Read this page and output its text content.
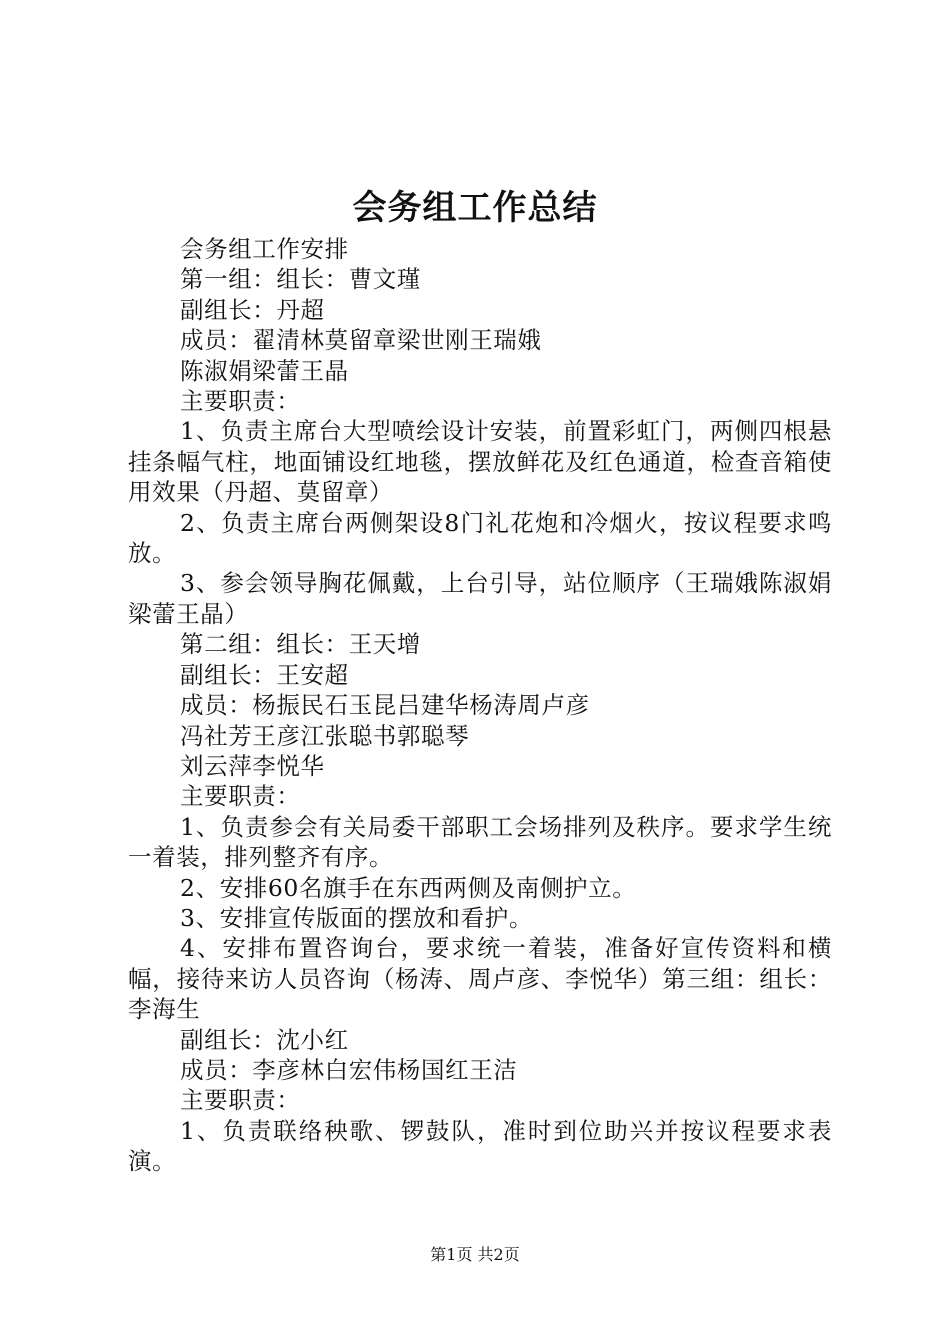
会务组工作总结

会务组工作安排

第一组：组长：曹文瑾

副组长：丹超

成员：翟清林莫留章梁世刚王瑞娥

陈淑娟梁蕾王晶

主要职责：

1、负责主席台大型喷绘设计安装，前置彩虹门，两侧四根悬挂条幅气柱，地面铺设红地毯，摆放鲜花及红色通道，检查音箱使用效果（丹超、莫留章）

2、负责主席台两侧架设8门礼花炮和冷烟火，按议程要求鸣放。

3、参会领导胸花佩戴，上台引导，站位顺序（王瑞娥陈淑娟梁蕾王晶）

第二组：组长：王天增

副组长：王安超

成员：杨振民石玉昆吕建华杨涛周卢彦

冯社芳王彦江张聪书郭聪琴

刘云萍李悦华

主要职责：

1、负责参会有关局委干部职工会场排列及秩序。要求学生统一着装，排列整齐有序。

2、安排60名旗手在东西两侧及南侧护立。

3、安排宣传版面的摆放和看护。

4、安排布置咨询台，要求统一着装，准备好宣传资料和横幅，接待来访人员咨询（杨涛、周卢彦、李悦华）第三组：组长：李海生

副组长：沈小红

成员：李彦林白宏伟杨国红王洁

主要职责：

1、负责联络秧歌、锣鼓队，准时到位助兴并按议程要求表演。

第1页 共2页
